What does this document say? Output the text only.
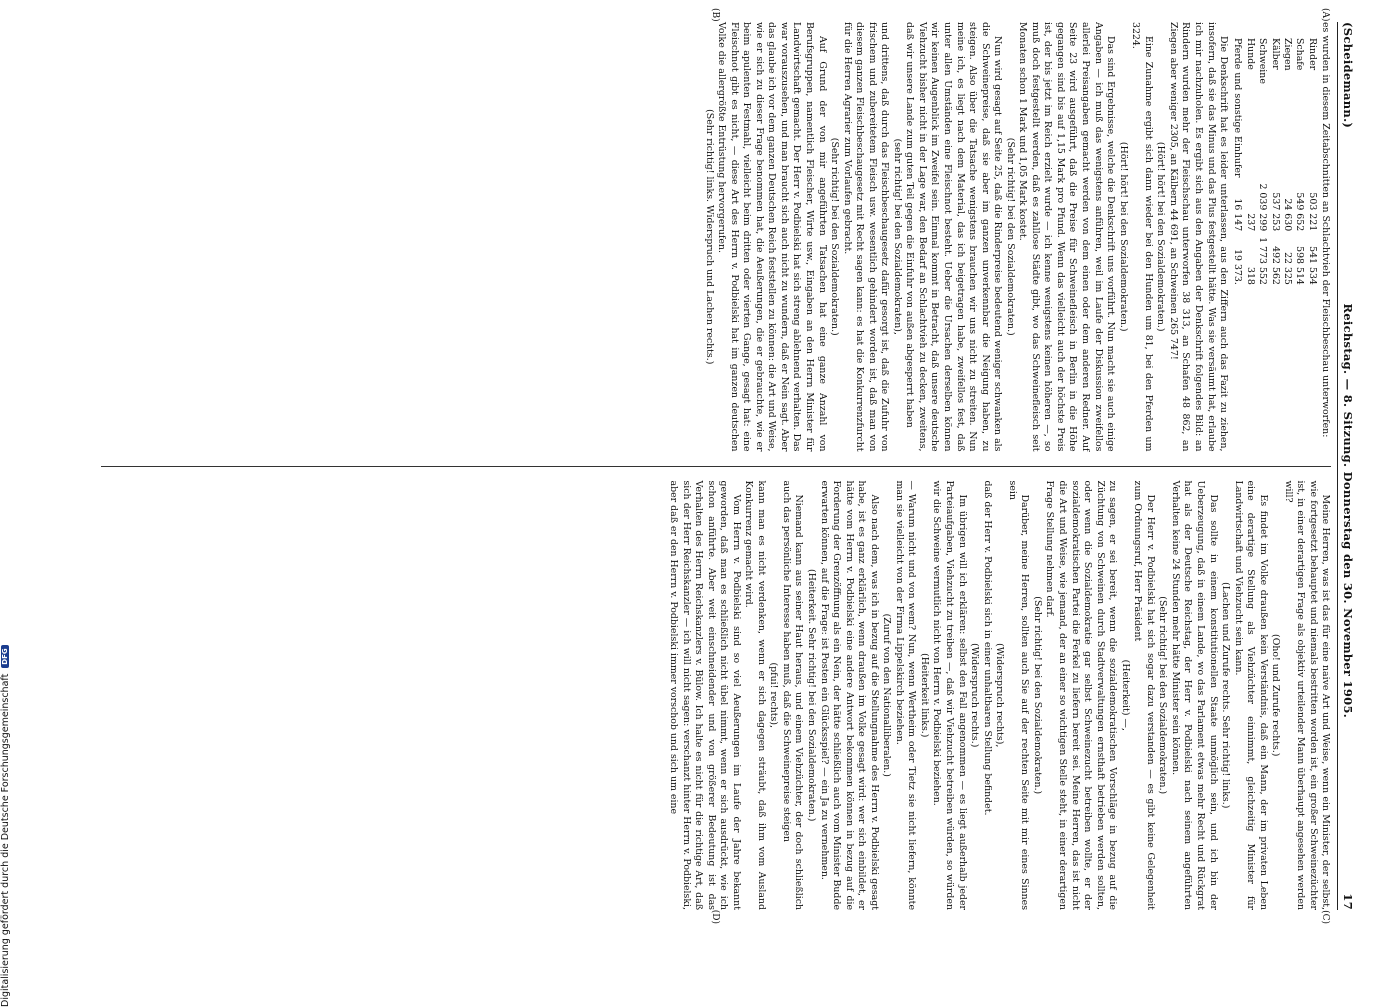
(Scheidemann.)
Reichstag. — 8. Sitzung. Donnerstag den 30. November 1905.
17
(A)
(B)

es wurden in diesem Zeitabschnitten an Schlachtvieh der Fleischbeschau unterworfen:

Rinder	503 221	541 534
Schafe	549 652	598 514
Ziegen	24 630	22 325
Kälber	537 253	492 562
Schweine	2 039 299	1 773 552
Hunde	237	318
Pferde und sonstige Einhufer	16 147	19 373.

Die Denkschrift hat es leider unterlassen, aus den Ziffern auch das Fazit zu ziehen, insofern, daß sie das Minus und das Plus festgestellt hätte. Was sie versäumt hat, erlaube ich mir nachzuholen. Es ergibt sich aus den Angaben der Denkschrift folgendes Bild: an Rindern wurden mehr der Fleischschau unterworfen 38 313, an Schafen 48 862, an Ziegen aber weniger 2305, an Kälbern 44 691, an Schweinen 265 747!

(Hört! hört! bei den Sozialdemokraten.)

Eine Zunahme ergibt sich dann wieder bei den Hunden um 81, bei den Pferden um 3224.

(Hört! hört! bei den Sozialdemokraten.)

Das sind Ergebnisse, welche die Denkschrift uns vorführt. Nun macht sie auch einige Angaben — ich muß das wenigstens anführen, weil im Laufe der Diskussion zweifellos allerlei Preisangaben gemacht werden von dem einen oder dem anderen Redner. Auf Seite 23 wird ausgeführt, daß die Preise für Schweinefleisch in Berlin in die Höhe gegangen sind bis auf 1,15 Mark pro Pfund. Wenn das vielleicht auch der höchste Preis ist, der bis jetzt im Reich erzielt wurde — ich kenne wenigstens keinen höheren —, so muß doch festgestellt werden, daß es zahllose Städte gibt, wo das Schweinefleisch seit Monaten schon 1 Mark und 1,05 Mark kostet.

(Sehr richtig! bei den Sozialdemokraten.)

Nun wird gesagt auf Seite 25, daß die Rinderpreise bedeutend weniger schwanken als die Schweinepreise, daß sie aber im ganzen unverkennbar die Neigung haben, zu steigen. Also über die Tatsache wenigstens brauchen wir uns nicht zu streiten. Nun meine ich, es liegt nach dem Material, das ich beigetragen habe, zweifellos fest, daß unter allen Umständen eine Fleischnot besteht. Ueber die Ursachen derselben können wir keinen Augenblick im Zweifel sein. Einmal kommt in Betracht, daß unsere deutsche Viehzucht bisher nicht in der Lage war, den Bedarf an Schlachtvieh zu decken, zweitens, daß wir unsere Lande zum guten Teil gegen die Einfuhr von außen abgesperrt haben

(sehr richtig! bei den Sozialdemokraten),

und drittens, daß durch das Fleischbeschaugesetz dafür gesorgt ist, daß die Zufuhr von frischem und zubereitetem Fleisch usw. wesentlich gehindert worden ist, daß man von diesem ganzen Fleischbeschaugesetz mit Recht sagen kann: es hat die Konkurrenzfurcht für die Herren Agrarier zum Vorlaufen gebracht.

(Sehr richtig! bei den Sozialdemokraten.)

Auf Grund der von mir angeführten Tatsachen hat eine ganze Anzahl von Berufsgruppen, namentlich Fleischer, Wirte usw., Eingaben an den Herrn Minister für Landwirtschaft gemacht. Der Herr v. Podbielski hat sich streng ablehnend verhalten. Das war vorauszusehen, und man braucht sich auch nicht zu wundern, daß er Nein sagt. Aber das glaube ich vor dem ganzen Deutschen Reich feststellen zu können: die Art und Weise, wie er sich zu dieser Frage benommen hat, die Aeußerungen, die er gebrauchte, wie er beim apulenten Festmahl, vielleicht beim dritten oder vierten Gange, gesagt hat: eine Fleischnot gibt es nicht, — diese Art des Herrn v. Podbielski hat im ganzen deutschen Volke die allergrößte Entrüstung hervorgerufen.

(Sehr richtig! links. Widerspruch und Lachen rechts.)

(C)
(D)

Meine Herren, was ist das für eine naive Art und Weise, wenn ein Minister, der selbst, wie fortgesetzt behauptet und niemals bestritten worden ist, ein großer Schweinezüchter ist, in einer derartigen Frage als objektiv urteilender Mann überhaupt angesehen werden will?

(Oho! und Zurufe rechts.)

Es findet im Volke draußen kein Verständnis, daß ein Mann, der im privaten Leben eine derartige Stellung als Viehzüchter einnimmt, gleichzeitig Minister für Landwirtschaft und Viehzucht sein kann.

(Lachen und Zurufe rechts. Sehr richtig! links.)

Das sollte in einem konstitutionellen Staate unmöglich sein, und ich bin der Ueberzeugung, daß in einem Lande, wo das Parlament etwas mehr Recht und Rückgrat hat als der Deutsche Reichstag, der Herr v. Podbielski nach seinem angeführten Verhalten keine 24 Stunden mehr hätte Minister sein können.

(Sehr richtig! bei den Sozialdemokraten.)

Der Herr v. Podbielski hat sich sogar dazu verstanden — es gibt keine Gelegenheit zum Ordnungsruf, Herr Präsident

(Heiterkeit) —,

zu sagen, er sei bereit, wenn die sozialdemokratischen Vorschläge in bezug auf die Züchtung von Schweinen durch Stadtverwaltungen ernsthaft betrieben werden sollten, oder wenn die Sozialdemokratie gar selbst Schweinezucht betreiben wollte, er der sozialdemokratischen Partei die Ferkel zu liefern bereit sei. Meine Herren, das ist nicht die Art und Weise, wie jemand, der an einer so wichtigen Stelle steht, in einer derartigen Frage Stellung nehmen darf.

(Sehr richtig! bei den Sozialdemokraten.)

Darüber, meine Herren, sollten auch Sie auf der rechten Seite mit mir eines Sinnes sein

(Widerspruch rechts),

daß der Herr v. Podbielski sich in einer unhaltbaren Stellung befindet.

(Widerspruch rechts.)

Im übrigen will ich erklären: selbst den Fall angenommen — es liegt außerhalb jeder Parteiaufgaben, Viehzucht zu treiben —, daß wir Viehzucht betreiben würden, so würden wir die Schweine vermutlich nicht von Herrn v. Podbielski beziehen.

(Heiterkeit links.)

— Warum nicht und von wem? Nun, wenn Wertheim oder Tietz sie nicht liefern, könnte man sie vielleicht von der Firma Lippelskirch beziehen.

(Zuruf von den Nationalliberalen.)

Also nach dem, was ich in bezug auf die Stellungnahme des Herrn v. Podbielski gesagt habe, ist es ganz erklärlich, wenn draußen im Volke gesagt wird: wer sich einbildet, er hätte vom Herrn v. Podbielski eine andere Antwort bekommen können in bezug auf die Forderung der Grenzöffnung als ein Nein, der hätte schließlich auch vom Minister Budde erwarten können, auf die Frage: ist Posten ein Glücksspiel? — ein Ja zu vernehmen.

(Heiterkeit. Sehr richtig! bei den Sozialdemokraten.)

Niemand kann aus seiner Haut heraus, und einem Viehzüchter, der doch schließlich auch das persönliche Interesse haben muß, daß die Schweinepreise steigen

(pfui! rechts),

kann man es nicht verdenken, wenn er sich dagegen sträubt, daß ihm vom Ausland Konkurrenz gemacht wird.

Vom Herrn v. Podbielski sind so viel Aeußerungen im Laufe der Jahre bekannt geworden, daß man es schließlich nicht übel nimmt, wenn er sich ausdrückt, wie ich schon anführte. Aber weit einschneidender und von größerer Bedeutung ist das Verhalten des Herrn Reichskanzlers v. Bülow. Ich halte es nicht für die richtige Art, daß sich der Herr Reichskanzler — ich will nicht sagen: verschanzt hinter Herrn v. Podbielski, aber daß er den Herrn v. Podbielski immer vorschob und sich um eine

Digitalisierung gefördert durch die Deutsche Forschungsgemeinschaft
DFG
